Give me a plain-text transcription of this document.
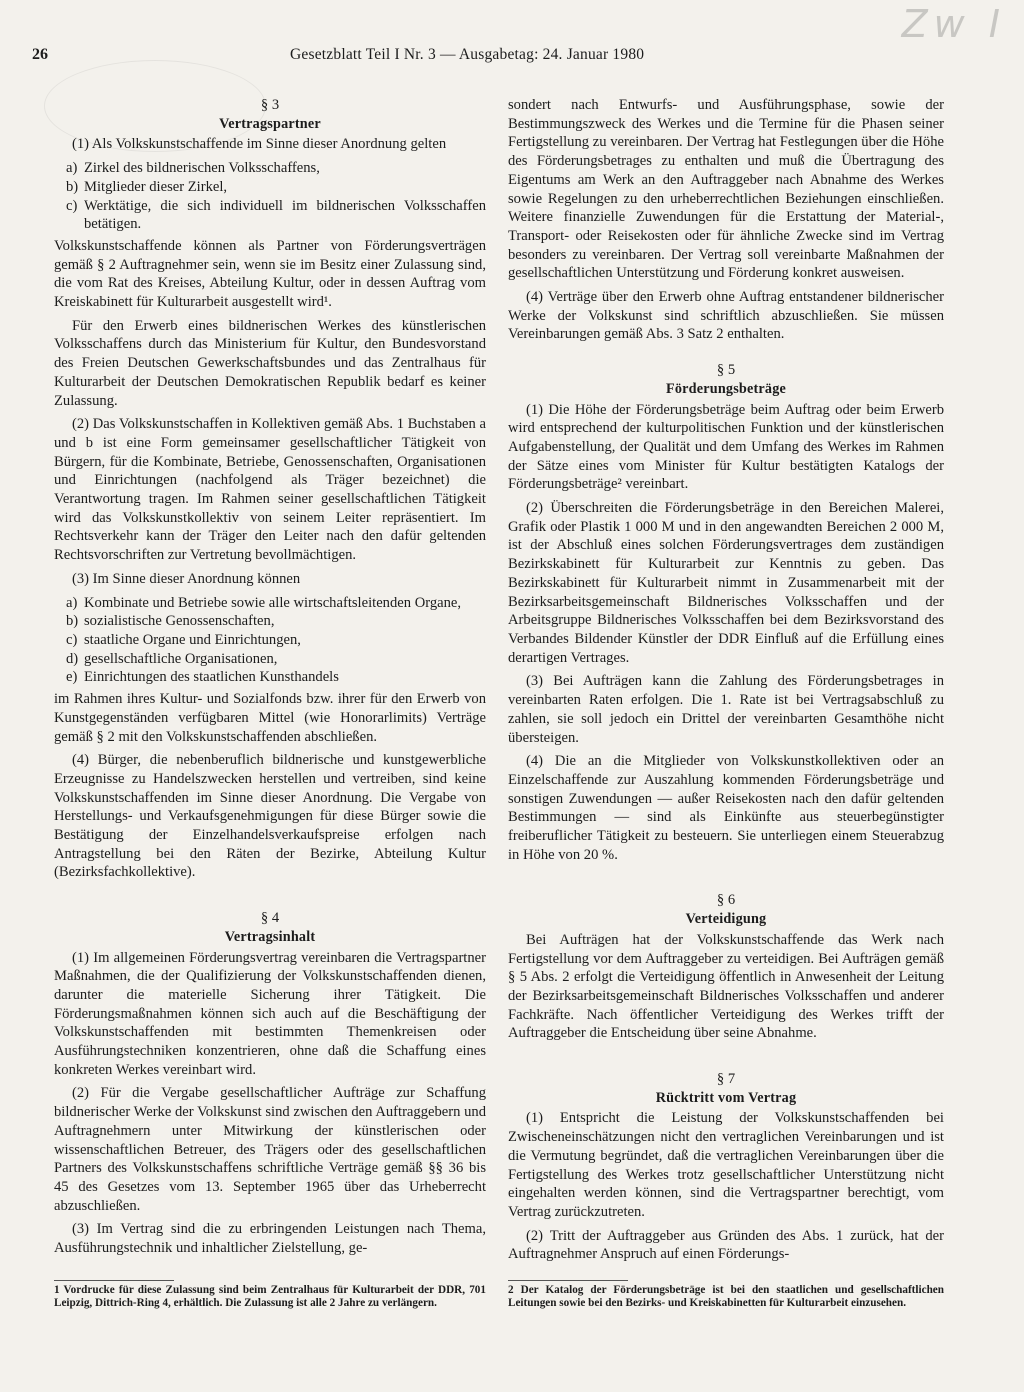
Zw I
26	Gesetzblatt Teil I Nr. 3 — Ausgabetag: 24. Januar 1980
§ 3
Vertragspartner

(1) Als Volkskunstschaffende im Sinne dieser Anordnung gelten

a) Zirkel des bildnerischen Volksschaffens,
b) Mitglieder dieser Zirkel,
c) Werktätige, die sich individuell im bildnerischen Volksschaffen betätigen.

Volkskunstschaffende können als Partner von Förderungsverträgen gemäß § 2 Auftragnehmer sein, wenn sie im Besitz einer Zulassung sind, die vom Rat des Kreises, Abteilung Kultur, oder in dessen Auftrag vom Kreiskabinett für Kulturarbeit ausgestellt wird¹.

Für den Erwerb eines bildnerischen Werkes des künstlerischen Volksschaffens durch das Ministerium für Kultur, den Bundesvorstand des Freien Deutschen Gewerkschaftsbundes und das Zentralhaus für Kulturarbeit der Deutschen Demokratischen Republik bedarf es keiner Zulassung.

(2) Das Volkskunstschaffen in Kollektiven gemäß Abs. 1 Buchstaben a und b ist eine Form gemeinsamer gesellschaftlicher Tätigkeit von Bürgern, für die Kombinate, Betriebe, Genossenschaften, Organisationen und Einrichtungen (nachfolgend als Träger bezeichnet) die Verantwortung tragen. Im Rahmen seiner gesellschaftlichen Tätigkeit wird das Volkskunstkollektiv von seinem Leiter repräsentiert. Im Rechtsverkehr kann der Träger den Leiter nach den dafür geltenden Rechtsvorschriften zur Vertretung bevollmächtigen.

(3) Im Sinne dieser Anordnung können

a) Kombinate und Betriebe sowie alle wirtschaftsleitenden Organe,
b) sozialistische Genossenschaften,
c) staatliche Organe und Einrichtungen,
d) gesellschaftliche Organisationen,
e) Einrichtungen des staatlichen Kunsthandels

im Rahmen ihres Kultur- und Sozialfonds bzw. ihrer für den Erwerb von Kunstgegenständen verfügbaren Mittel (wie Honorarlimits) Verträge gemäß § 2 mit den Volkskunstschaffenden abschließen.

(4) Bürger, die nebenberuflich bildnerische und kunstgewerbliche Erzeugnisse zu Handelszwecken herstellen und vertreiben, sind keine Volkskunstschaffenden im Sinne dieser Anordnung. Die Vergabe von Herstellungs- und Verkaufsgenehmigungen für diese Bürger sowie die Bestätigung der Einzelhandelsverkaufspreise erfolgen nach Antragstellung bei den Räten der Bezirke, Abteilung Kultur (Bezirksfachkollektive).

§ 4
Vertragsinhalt

(1) Im allgemeinen Förderungsvertrag vereinbaren die Vertragspartner Maßnahmen, die der Qualifizierung der Volkskunstschaffenden dienen, darunter die materielle Sicherung ihrer Tätigkeit. Die Förderungsmaßnahmen können sich auch auf die Beschäftigung der Volkskunstschaffenden mit bestimmten Themenkreisen oder Ausführungstechniken konzentrieren, ohne daß die Schaffung eines konkreten Werkes vereinbart wird.

(2) Für die Vergabe gesellschaftlicher Aufträge zur Schaffung bildnerischer Werke der Volkskunst sind zwischen den Auftraggebern und Auftragnehmern unter Mitwirkung der künstlerischen oder wissenschaftlichen Betreuer, des Trägers oder des gesellschaftlichen Partners des Volkskunstschaffens schriftliche Verträge gemäß §§ 36 bis 45 des Gesetzes vom 13. September 1965 über das Urheberrecht abzuschließen.

(3) Im Vertrag sind die zu erbringenden Leistungen nach Thema, Ausführungstechnik und inhaltlicher Zielstellung, ge-

sondert nach Entwurfs- und Ausführungsphase, sowie der Bestimmungszweck des Werkes und die Termine für die Phasen seiner Fertigstellung zu vereinbaren. Der Vertrag hat Festlegungen über die Höhe des Förderungsbetrages zu enthalten und muß die Übertragung des Eigentums am Werk an den Auftraggeber nach Abnahme des Werkes sowie Regelungen zu den urheberrechtlichen Beziehungen einschließen. Weitere finanzielle Zuwendungen für die Erstattung der Material-, Transport- oder Reisekosten oder für ähnliche Zwecke sind im Vertrag besonders zu vereinbaren. Der Vertrag soll vereinbarte Maßnahmen der gesellschaftlichen Unterstützung und Förderung konkret ausweisen.

(4) Verträge über den Erwerb ohne Auftrag entstandener bildnerischer Werke der Volkskunst sind schriftlich abzuschließen. Sie müssen Vereinbarungen gemäß Abs. 3 Satz 2 enthalten.

§ 5
Förderungsbeträge

(1) Die Höhe der Förderungsbeträge beim Auftrag oder beim Erwerb wird entsprechend der kulturpolitischen Funktion und der künstlerischen Aufgabenstellung, der Qualität und dem Umfang des Werkes im Rahmen der Sätze eines vom Minister für Kultur bestätigten Katalogs der Förderungsbeträge² vereinbart.

(2) Überschreiten die Förderungsbeträge in den Bereichen Malerei, Grafik oder Plastik 1 000 M und in den angewandten Bereichen 2 000 M, ist der Abschluß eines solchen Förderungsvertrages dem zuständigen Bezirkskabinett für Kulturarbeit zur Kenntnis zu geben. Das Bezirkskabinett für Kulturarbeit nimmt in Zusammenarbeit mit der Bezirksarbeitsgemeinschaft Bildnerisches Volksschaffen und der Arbeitsgruppe Bildnerisches Volksschaffen bei dem Bezirksvorstand des Verbandes Bildender Künstler der DDR Einfluß auf die Erfüllung eines derartigen Vertrages.

(3) Bei Aufträgen kann die Zahlung des Förderungsbetrages in vereinbarten Raten erfolgen. Die 1. Rate ist bei Vertragsabschluß zu zahlen, sie soll jedoch ein Drittel der vereinbarten Gesamthöhe nicht übersteigen.

(4) Die an die Mitglieder von Volkskunstkollektiven oder an Einzelschaffende zur Auszahlung kommenden Förderungsbeträge und sonstigen Zuwendungen — außer Reisekosten nach den dafür geltenden Bestimmungen — sind als Einkünfte aus steuerbegünstigter freiberuflicher Tätigkeit zu besteuern. Sie unterliegen einem Steuerabzug in Höhe von 20 %.

§ 6
Verteidigung

Bei Aufträgen hat der Volkskunstschaffende das Werk nach Fertigstellung vor dem Auftraggeber zu verteidigen. Bei Aufträgen gemäß § 5 Abs. 2 erfolgt die Verteidigung öffentlich in Anwesenheit der Leitung der Bezirksarbeitsgemeinschaft Bildnerisches Volksschaffen und anderer Fachkräfte. Nach öffentlicher Verteidigung des Werkes trifft der Auftraggeber die Entscheidung über seine Abnahme.

§ 7
Rücktritt vom Vertrag

(1) Entspricht die Leistung der Volkskunstschaffenden bei Zwischeneinschätzungen nicht den vertraglichen Vereinbarungen und ist die Vermutung begründet, daß die vertraglichen Vereinbarungen über die Fertigstellung des Werkes trotz gesellschaftlicher Unterstützung nicht eingehalten werden können, sind die Vertragspartner berechtigt, vom Vertrag zurückzutreten.

(2) Tritt der Auftraggeber aus Gründen des Abs. 1 zurück, hat der Auftragnehmer Anspruch auf einen Förderungs-

1 Vordrucke für diese Zulassung sind beim Zentralhaus für Kulturarbeit der DDR, 701 Leipzig, Dittrich-Ring 4, erhältlich. Die Zulassung ist alle 2 Jahre zu verlängern.
2 Der Katalog der Förderungsbeträge ist bei den staatlichen und gesellschaftlichen Leitungen sowie bei den Bezirks- und Kreiskabinetten für Kulturarbeit einzusehen.
